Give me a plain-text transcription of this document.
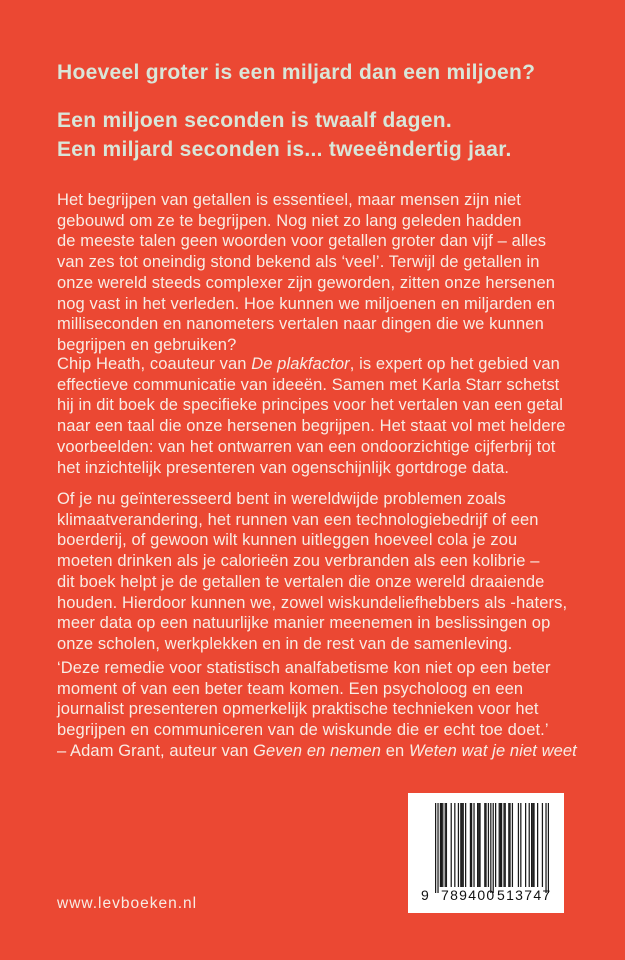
Hoeveel groter is een miljard dan een miljoen?
Een miljoen seconden is twaalf dagen.
Een miljard seconden is... tweeëndertig jaar.
Het begrijpen van getallen is essentieel, maar mensen zijn niet
gebouwd om ze te begrijpen. Nog niet zo lang geleden hadden
de meeste talen geen woorden voor getallen groter dan vijf – alles
van zes tot oneindig stond bekend als ‘veel’. Terwijl de getallen in
onze wereld steeds complexer zijn geworden, zitten onze hersenen
nog vast in het verleden. Hoe kunnen we miljoenen en miljarden en
milliseconden en nanometers vertalen naar dingen die we kunnen
begrijpen en gebruiken?
Chip Heath, coauteur van De plakfactor, is expert op het gebied van
effectieve communicatie van ideeën. Samen met Karla Starr schetst
hij in dit boek de specifieke principes voor het vertalen van een getal
naar een taal die onze hersenen begrijpen. Het staat vol met heldere
voorbeelden: van het ontwarren van een ondoorzichtige cijferbrij tot
het inzichtelijk presenteren van ogenschijnlijk gortdroge data.
Of je nu geïnteresseerd bent in wereldwijde problemen zoals
klimaatverandering, het runnen van een technologiebedrijf of een
boerderij, of gewoon wilt kunnen uitleggen hoeveel cola je zou
moeten drinken als je calorieën zou verbranden als een kolibrie –
dit boek helpt je de getallen te vertalen die onze wereld draaiende
houden. Hierdoor kunnen we, zowel wiskundeliefhebbers als -haters,
meer data op een natuurlijke manier meenemen in beslissingen op
onze scholen, werkplekken en in de rest van de samenleving.
‘Deze remedie voor statistisch analfabetisme kon niet op een beter
moment of van een beter team komen. Een psycholoog en een
journalist presenteren opmerkelijk praktische technieken voor het
begrijpen en communiceren van de wiskunde die er echt toe doet.’
– Adam Grant, auteur van Geven en nemen en Weten wat je niet weet
www.levboeken.nl	9 789400 513747
